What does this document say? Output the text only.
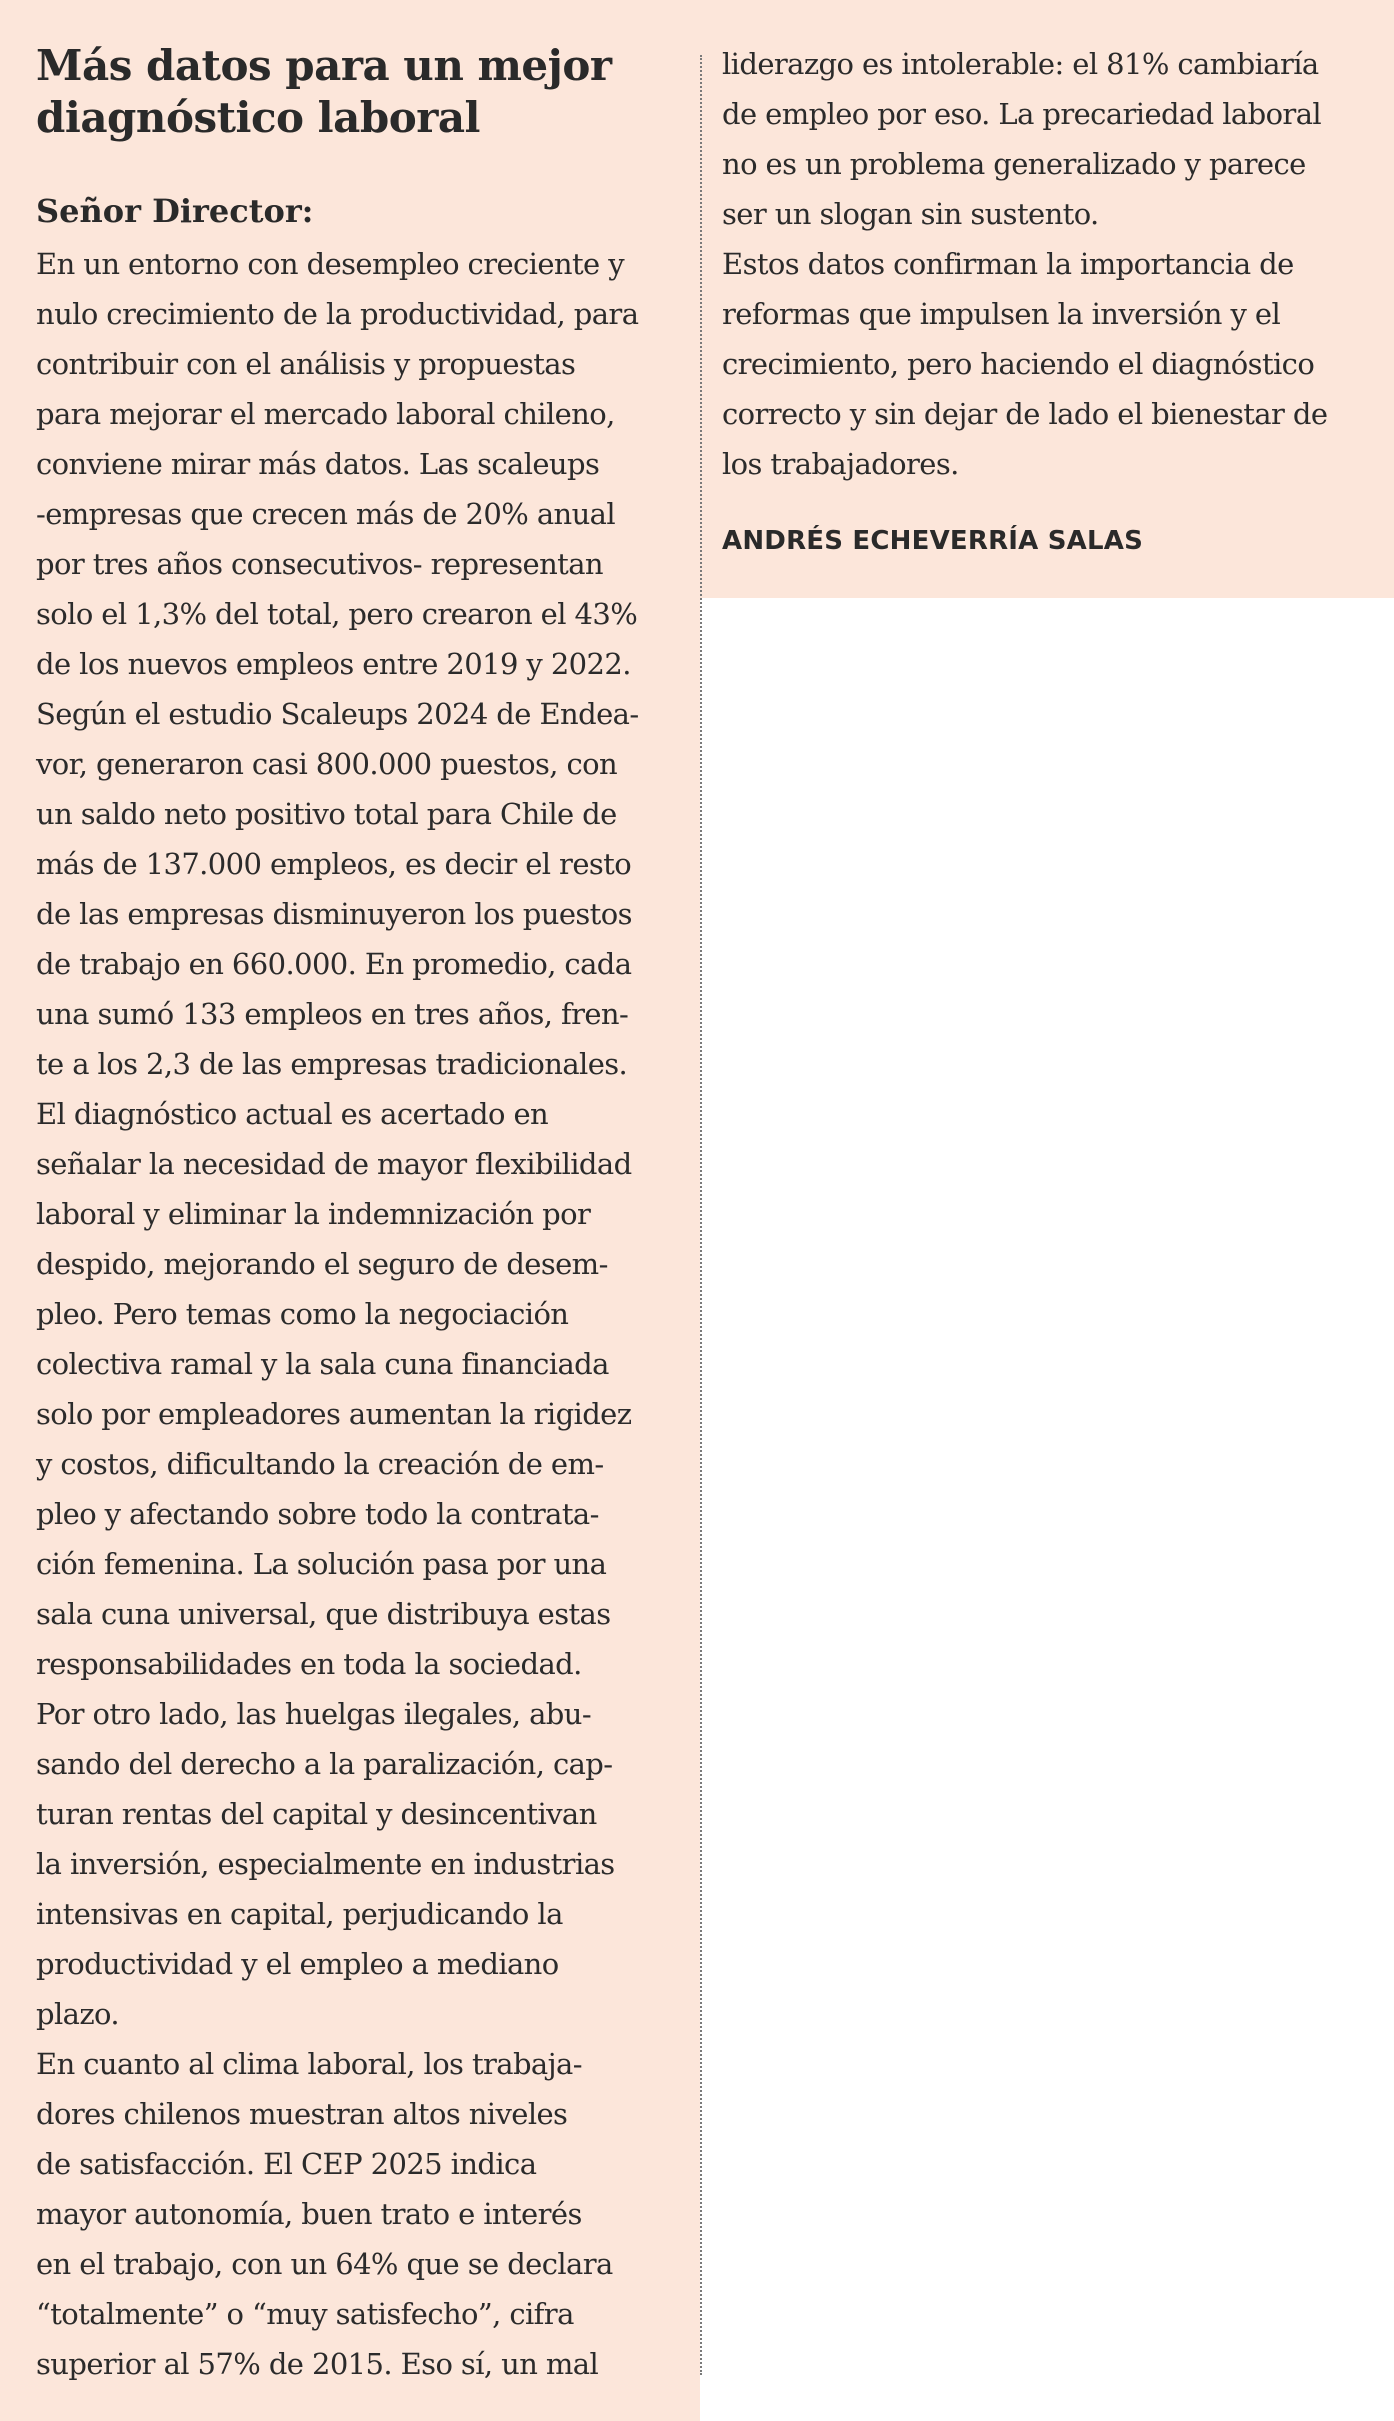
Más datos para un mejor
diagnóstico laboral

Señor Director:

En un entorno con desempleo creciente y
nulo crecimiento de la productividad, para
contribuir con el análisis y propuestas
para mejorar el mercado laboral chileno,
conviene mirar más datos. Las scaleups
-empresas que crecen más de 20% anual
por tres años consecutivos- representan
solo el 1,3% del total, pero crearon el 43%
de los nuevos empleos entre 2019 y 2022.
Según el estudio Scaleups 2024 de Endea-
vor, generaron casi 800.000 puestos, con
un saldo neto positivo total para Chile de
más de 137.000 empleos, es decir el resto
de las empresas disminuyeron los puestos
de trabajo en 660.000. En promedio, cada
una sumó 133 empleos en tres años, fren-
te a los 2,3 de las empresas tradicionales.
El diagnóstico actual es acertado en
señalar la necesidad de mayor flexibilidad
laboral y eliminar la indemnización por
despido, mejorando el seguro de desem-
pleo. Pero temas como la negociación
colectiva ramal y la sala cuna financiada
solo por empleadores aumentan la rigidez
y costos, dificultando la creación de em-
pleo y afectando sobre todo la contrata-
ción femenina. La solución pasa por una
sala cuna universal, que distribuya estas
responsabilidades en toda la sociedad.
Por otro lado, las huelgas ilegales, abu-
sando del derecho a la paralización, cap-
turan rentas del capital y desincentivan
la inversión, especialmente en industrias
intensivas en capital, perjudicando la
productividad y el empleo a mediano
plazo.
En cuanto al clima laboral, los trabaja-
dores chilenos muestran altos niveles
de satisfacción. El CEP 2025 indica
mayor autonomía, buen trato e interés
en el trabajo, con un 64% que se declara
“totalmente” o “muy satisfecho”, cifra
superior al 57% de 2015. Eso sí, un mal
liderazgo es intolerable: el 81% cambiaría
de empleo por eso. La precariedad laboral
no es un problema generalizado y parece
ser un slogan sin sustento.
Estos datos confirman la importancia de
reformas que impulsen la inversión y el
crecimiento, pero haciendo el diagnóstico
correcto y sin dejar de lado el bienestar de
los trabajadores.

ANDRÉS ECHEVERRÍA SALAS
